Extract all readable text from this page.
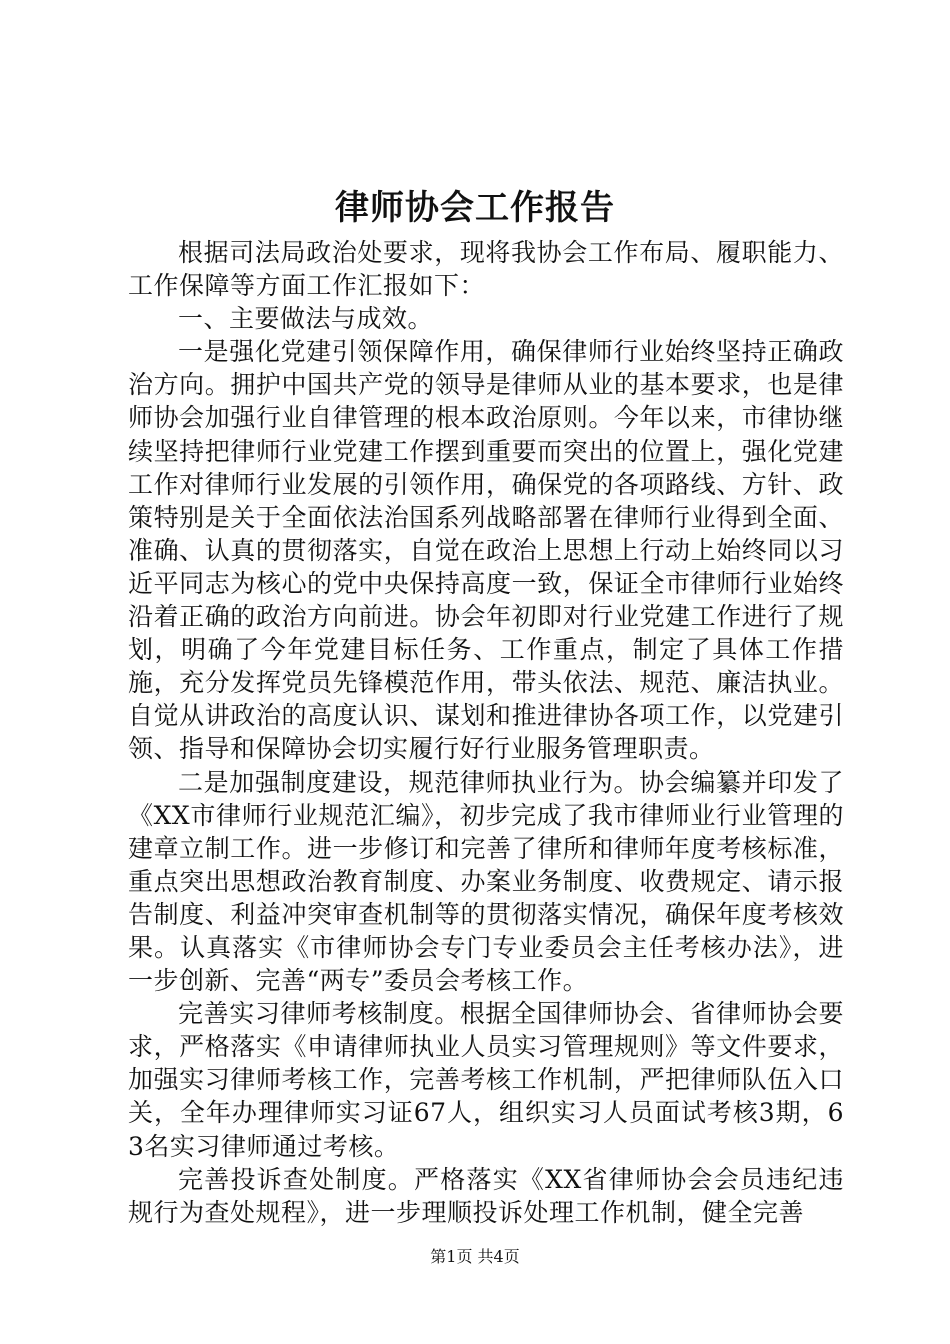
律师协会工作报告

根据司法局政治处要求，现将我协会工作布局、履职能力、工作保障等方面工作汇报如下：

一、主要做法与成效。

一是强化党建引领保障作用，确保律师行业始终坚持正确政治方向。拥护中国共产党的领导是律师从业的基本要求，也是律师协会加强行业自律管理的根本政治原则。今年以来，市律协继续坚持把律师行业党建工作摆到重要而突出的位置上，强化党建工作对律师行业发展的引领作用，确保党的各项路线、方针、政策特别是关于全面依法治国系列战略部署在律师行业得到全面、准确、认真的贯彻落实，自觉在政治上思想上行动上始终同以习近平同志为核心的党中央保持高度一致，保证全市律师行业始终沿着正确的政治方向前进。协会年初即对行业党建工作进行了规划，明确了今年党建目标任务、工作重点，制定了具体工作措施，充分发挥党员先锋模范作用，带头依法、规范、廉洁执业。自觉从讲政治的高度认识、谋划和推进律协各项工作，以党建引领、指导和保障协会切实履行好行业服务管理职责。

二是加强制度建设，规范律师执业行为。协会编纂并印发了《XX市律师行业规范汇编》，初步完成了我市律师业行业管理的建章立制工作。进一步修订和完善了律所和律师年度考核标准，重点突出思想政治教育制度、办案业务制度、收费规定、请示报告制度、利益冲突审查机制等的贯彻落实情况，确保年度考核效果。认真落实《市律师协会专门专业委员会主任考核办法》，进一步创新、完善“两专”委员会考核工作。

完善实习律师考核制度。根据全国律师协会、省律师协会要求，严格落实《申请律师执业人员实习管理规则》等文件要求，加强实习律师考核工作，完善考核工作机制，严把律师队伍入口关，全年办理律师实习证67人，组织实习人员面试考核3期，63名实习律师通过考核。

完善投诉查处制度。严格落实《XX省律师协会会员违纪违规行为查处规程》，进一步理顺投诉处理工作机制，健全完善

第1页 共4页
